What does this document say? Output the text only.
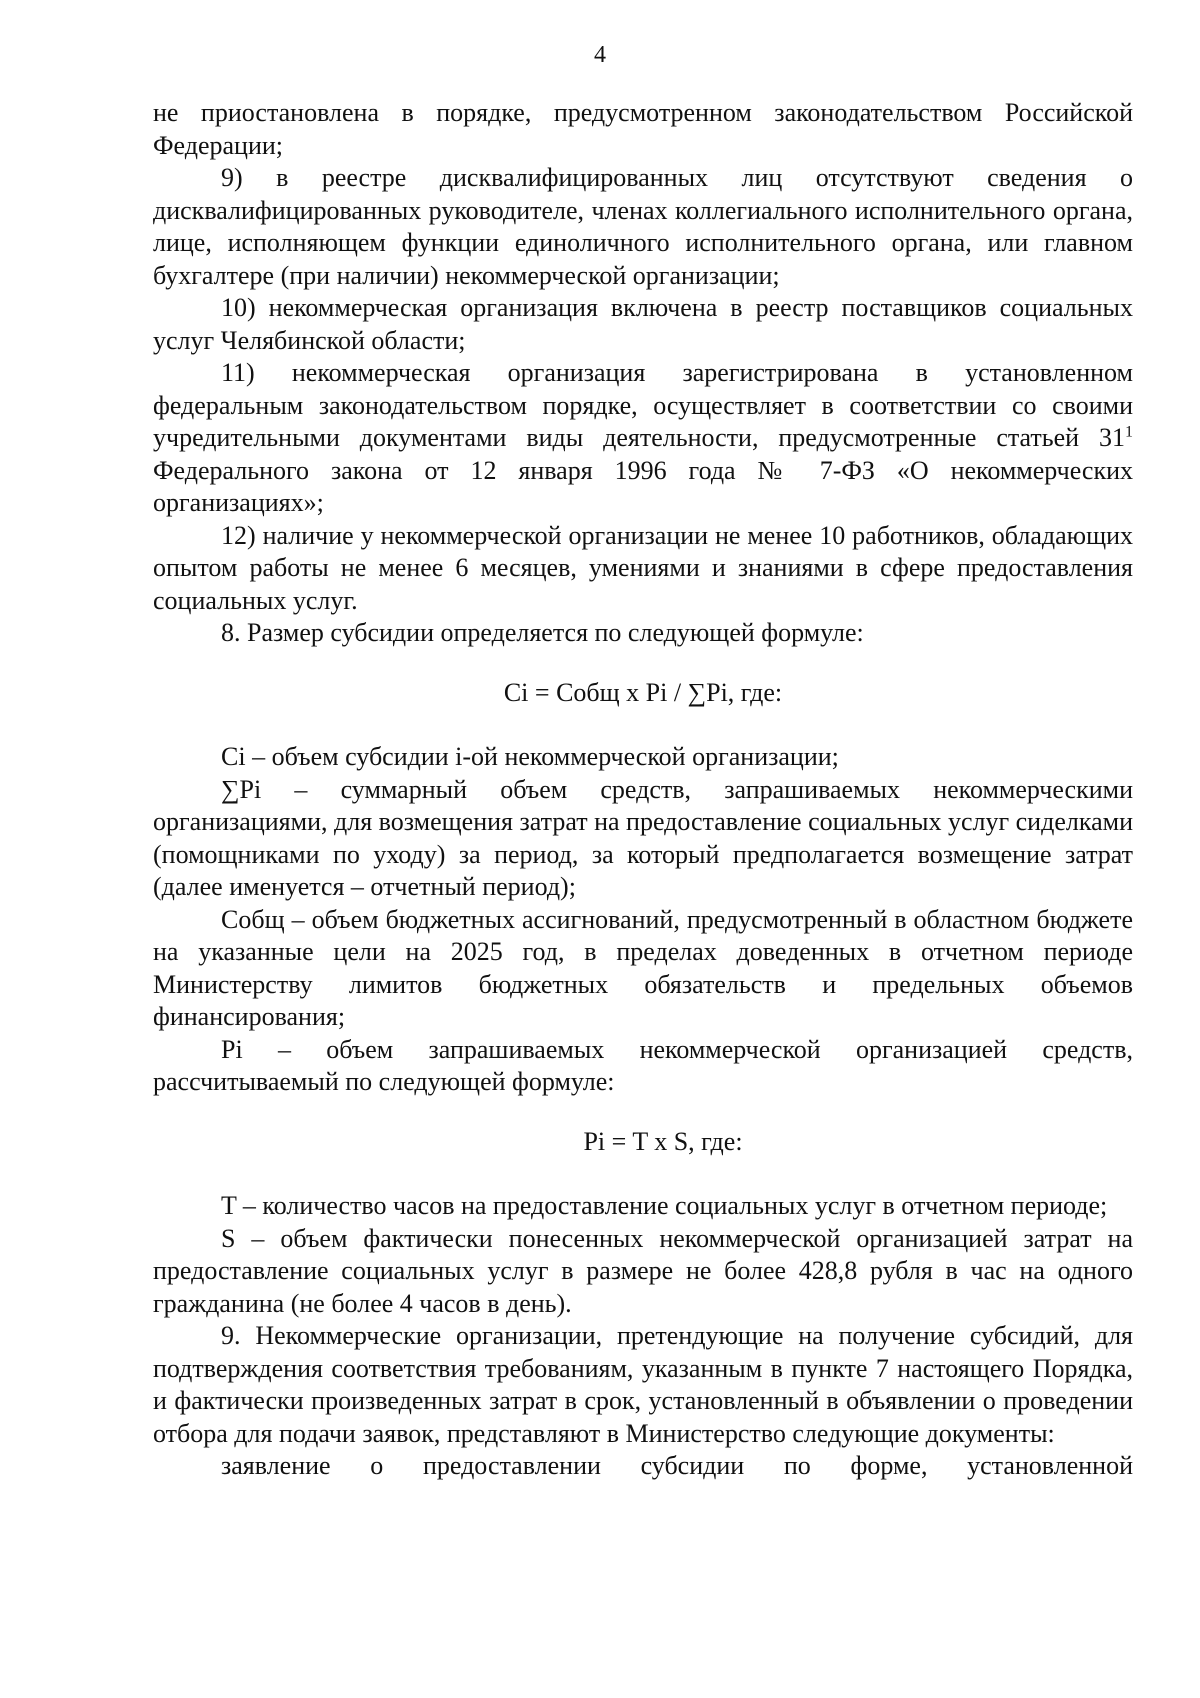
4

не приостановлена в порядке, предусмотренном законодательством Российской Федерации;

9) в реестре дисквалифицированных лиц отсутствуют сведения о дисквалифицированных руководителе, членах коллегиального исполнительного органа, лице, исполняющем функции единоличного исполнительного органа, или главном бухгалтере (при наличии) некоммерческой организации;

10) некоммерческая организация включена в реестр поставщиков социальных услуг Челябинской области;

11) некоммерческая организация зарегистрирована в установленном федеральным законодательством порядке, осуществляет в соответствии со своими учредительными документами виды деятельности, предусмотренные статьей $31^1$ Федерального закона от 12 января 1996 года № 7-ФЗ «О некоммерческих организациях»;

12) наличие у некоммерческой организации не менее 10 работников, обладающих опытом работы не менее 6 месяцев, умениями и знаниями в сфере предоставления социальных услуг.

8. Размер субсидии определяется по следующей формуле:

Ci = Собщ x Pi / ∑Pi, где:

Ci – объем субсидии i-ой некоммерческой организации;

∑Pi – суммарный объем средств, запрашиваемых некоммерческими организациями, для возмещения затрат на предоставление социальных услуг сиделками (помощниками по уходу) за период, за который предполагается возмещение затрат (далее именуется – отчетный период);

Собщ – объем бюджетных ассигнований, предусмотренный в областном бюджете на указанные цели на 2025 год, в пределах доведенных в отчетном периоде Министерству лимитов бюджетных обязательств и предельных объемов финансирования;

Pi – объем запрашиваемых некоммерческой организацией средств, рассчитываемый по следующей формуле:

Pi = T x S, где:

T – количество часов на предоставление социальных услуг в отчетном периоде;

S – объем фактически понесенных некоммерческой организацией затрат на предоставление социальных услуг в размере не более 428,8 рубля в час на одного гражданина (не более 4 часов в день).

9. Некоммерческие организации, претендующие на получение субсидий, для подтверждения соответствия требованиям, указанным в пункте 7 настоящего Порядка, и фактически произведенных затрат в срок, установленный в объявлении о проведении отбора для подачи заявок, представляют в Министерство следующие документы:

заявление о предоставлении субсидии по форме, установленной
